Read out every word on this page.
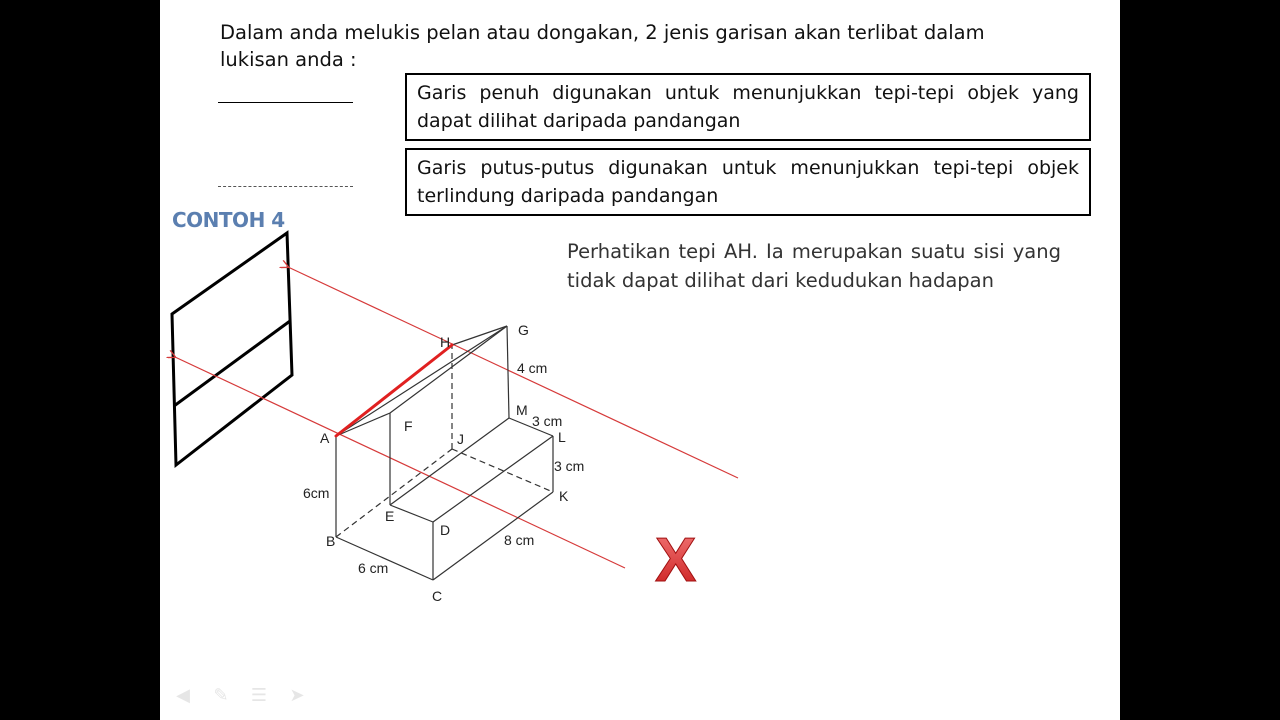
Dalam anda melukis pelan atau dongakan, 2 jenis garisan akan terlibat dalam lukisan anda :

Garis penuh digunakan untuk menunjukkan tepi-tepi objek yang dapat dilihat daripada pandangan
Garis putus-putus digunakan untuk menunjukkan tepi-tepi objek terlindung daripada pandangan
CONTOH 4

Perhatikan tepi AH. Ia merupakan suatu sisi yang tidak dapat dilihat dari kedudukan hadapan

A
B
C
D
E
F
G
H
J
K
L
M
4 cm
3 cm
3 cm
6cm
6 cm
8 cm X
◀ ✎ ☰ ➤
